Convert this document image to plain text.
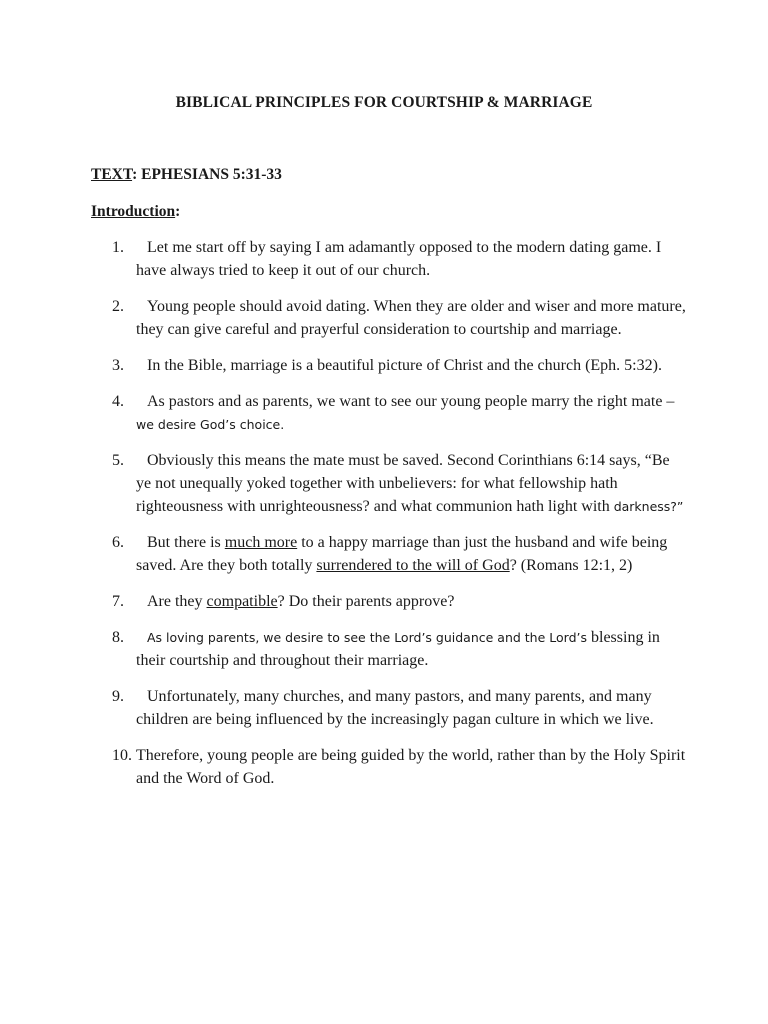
BIBLICAL PRINCIPLES FOR COURTSHIP & MARRIAGE
TEXT: EPHESIANS 5:31-33
Introduction:
1.	Let me start off by saying I am adamantly opposed to the modern dating game. I have always tried to keep it out of our church.
2.	Young people should avoid dating. When they are older and wiser and more mature, they can give careful and prayerful consideration to courtship and marriage.
3.	In the Bible, marriage is a beautiful picture of Christ and the church (Eph. 5:32).
4.	As pastors and as parents, we want to see our young people marry the right mate – we desire God’s choice.
5.	Obviously this means the mate must be saved. Second Corinthians 6:14 says, “Be ye not unequally yoked together with unbelievers: for what fellowship hath righteousness with unrighteousness? and what communion hath light with darkness?”
6.	But there is much more to a happy marriage than just the husband and wife being saved. Are they both totally surrendered to the will of God? (Romans 12:1, 2)
7.	Are they compatible? Do their parents approve?
8.	As loving parents, we desire to see the Lord’s guidance and the Lord’s blessing in their courtship and throughout their marriage.
9.	Unfortunately, many churches, and many pastors, and many parents, and many children are being influenced by the increasingly pagan culture in which we live.
10. Therefore, young people are being guided by the world, rather than by the Holy Spirit and the Word of God.
